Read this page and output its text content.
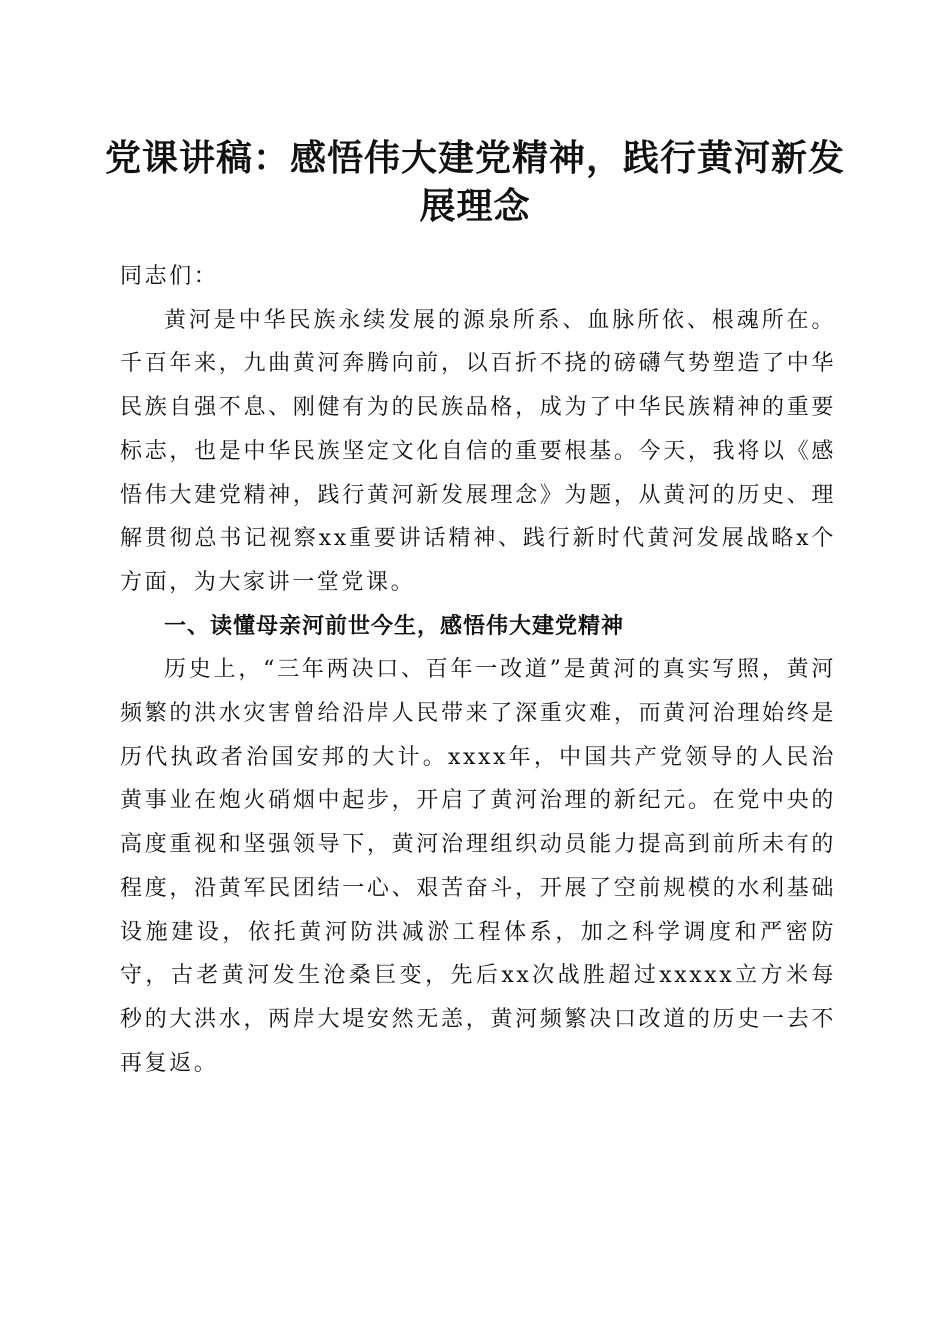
党课讲稿：感悟伟大建党精神，践行黄河新发展理念

同志们：

黄河是中华民族永续发展的源泉所系、血脉所依、根魂所在。千百年来，九曲黄河奔腾向前，以百折不挠的磅礴气势塑造了中华民族自强不息、刚健有为的民族品格，成为了中华民族精神的重要标志，也是中华民族坚定文化自信的重要根基。今天，我将以《感悟伟大建党精神，践行黄河新发展理念》为题，从黄河的历史、理解贯彻总书记视察xx重要讲话精神、践行新时代黄河发展战略x个方面，为大家讲一堂党课。

一、读懂母亲河前世今生，感悟伟大建党精神

历史上，“三年两决口、百年一改道”是黄河的真实写照，黄河频繁的洪水灾害曾给沿岸人民带来了深重灾难，而黄河治理始终是历代执政者治国安邦的大计。xxxx年，中国共产党领导的人民治黄事业在炮火硝烟中起步，开启了黄河治理的新纪元。在党中央的高度重视和坚强领导下，黄河治理组织动员能力提高到前所未有的程度，沿黄军民团结一心、艰苦奋斗，开展了空前规模的水利基础设施建设，依托黄河防洪减淤工程体系，加之科学调度和严密防守，古老黄河发生沧桑巨变，先后xx次战胜超过xxxxx立方米每秒的大洪水，两岸大堤安然无恙，黄河频繁决口改道的历史一去不再复返。
